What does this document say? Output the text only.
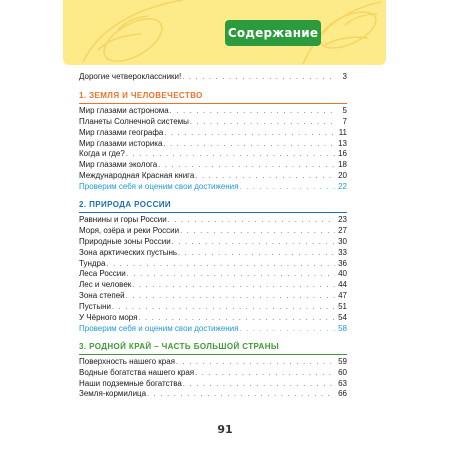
Содержание
Дорогие четвероклассники! . . .	3
1. ЗЕМЛЯ И ЧЕЛОВЕЧЕСТВО
Мир глазами астронома . . .	5
Планеты Солнечной системы . . .	7
Мир глазами географа . . .	11
Мир глазами историка . . .	13
Когда и где? . . .	16
Мир глазами эколога . . .	18
Международная Красная книга . . .	20
Проверим себя и оценим свои достижения . . .	22
2. ПРИРОДА РОССИИ
Равнины и горы России . . .	23
Моря, озёра и реки России . . .	27
Природные зоны России . . .	30
Зона арктических пустынь . . .	33
Тундра . . .	36
Леса России . . .	40
Лес и человек . . .	44
Зона степей . . .	47
Пустыни . . .	51
У Чёрного моря . . .	54
Проверим себя и оценим свои достижения . . .	58
3. РОДНОЙ КРАЙ – ЧАСТЬ БОЛЬШОЙ СТРАНЫ
Поверхность нашего края . . .	59
Водные богатства нашего края . . .	60
Наши подземные богатства . . .	63
Земля-кормилица . . .	66
91
